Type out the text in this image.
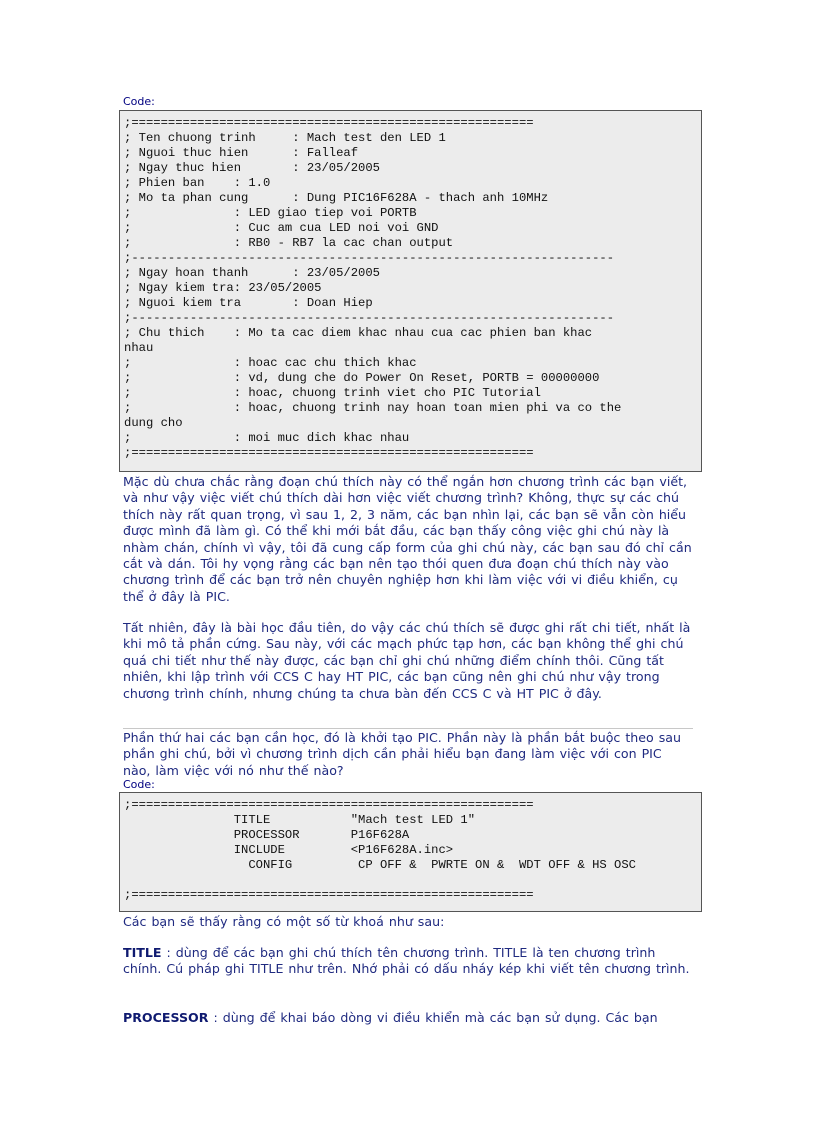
Code:
;=======================================================
; Ten chuong trinh     : Mach test den LED 1
; Nguoi thuc hien      : Falleaf
; Ngay thuc hien       : 23/05/2005
; Phien ban    : 1.0
; Mo ta phan cung      : Dung PIC16F628A - thach anh 10MHz
;              : LED giao tiep voi PORTB
;              : Cuc am cua LED noi voi GND
;              : RB0 - RB7 la cac chan output
;------------------------------------------------------------------
; Ngay hoan thanh      : 23/05/2005
; Ngay kiem tra: 23/05/2005
; Nguoi kiem tra       : Doan Hiep
;------------------------------------------------------------------
; Chu thich    : Mo ta cac diem khac nhau cua cac phien ban khac
nhau
;              : hoac cac chu thich khac
;              : vd, dung che do Power On Reset, PORTB = 00000000
;              : hoac, chuong trinh viet cho PIC Tutorial
;              : hoac, chuong trinh nay hoan toan mien phi va co the
dung cho
;              : moi muc dich khac nhau
;=======================================================

Mặc dù chưa chắc rằng đoạn chú thích này có thể ngắn hơn chương trình các bạn viết, và như vậy việc viết chú thích dài hơn việc viết chương trình? Không, thực sự các chú thích này rất quan trọng, vì sau 1, 2, 3 năm, các bạn nhìn lại, các bạn sẽ vẫn còn hiểu được mình đã làm gì. Có thể khi mới bắt đầu, các bạn thấy công việc ghi chú này là nhàm chán, chính vì vậy, tôi đã cung cấp form của ghi chú này, các bạn sau đó chỉ cần cắt và dán. Tôi hy vọng rằng các bạn nên tạo thói quen đưa đoạn chú thích này vào chương trình để các bạn trở nên chuyên nghiệp hơn khi làm việc với vi điều khiển, cụ thể ở đây là PIC.

Tất nhiên, đây là bài học đầu tiên, do vậy các chú thích sẽ được ghi rất chi tiết, nhất là khi mô tả phần cứng. Sau này, với các mạch phức tạp hơn, các bạn không thể ghi chú quá chi tiết như thế này được, các bạn chỉ ghi chú những điểm chính thôi. Cũng tất nhiên, khi lập trình với CCS C hay HT PIC, các bạn cũng nên ghi chú như vậy trong chương trình chính, nhưng chúng ta chưa bàn đến CCS C và HT PIC ở đây.

Phần thứ hai các bạn cần học, đó là khởi tạo PIC. Phần này là phần bắt buộc theo sau phần ghi chú, bởi vì chương trình dịch cần phải hiểu bạn đang làm việc với con PIC nào, làm việc với nó như thế nào?

Code:
;=======================================================
TITLE           "Mach test LED 1"
PROCESSOR       P16F628A
INCLUDE         <P16F628A.inc>
CONFIG         CP OFF &  PWRTE ON &  WDT OFF & HS OSC

;=======================================================

Các bạn sẽ thấy rằng có một số từ khoá như sau:

TITLE : dùng để các bạn ghi chú thích tên chương trình. TITLE là ten chương trình chính. Cú pháp ghi TITLE như trên. Nhớ phải có dấu nháy kép khi viết tên chương trình.

PROCESSOR : dùng để khai báo dòng vi điều khiển mà các bạn sử dụng. Các bạn
